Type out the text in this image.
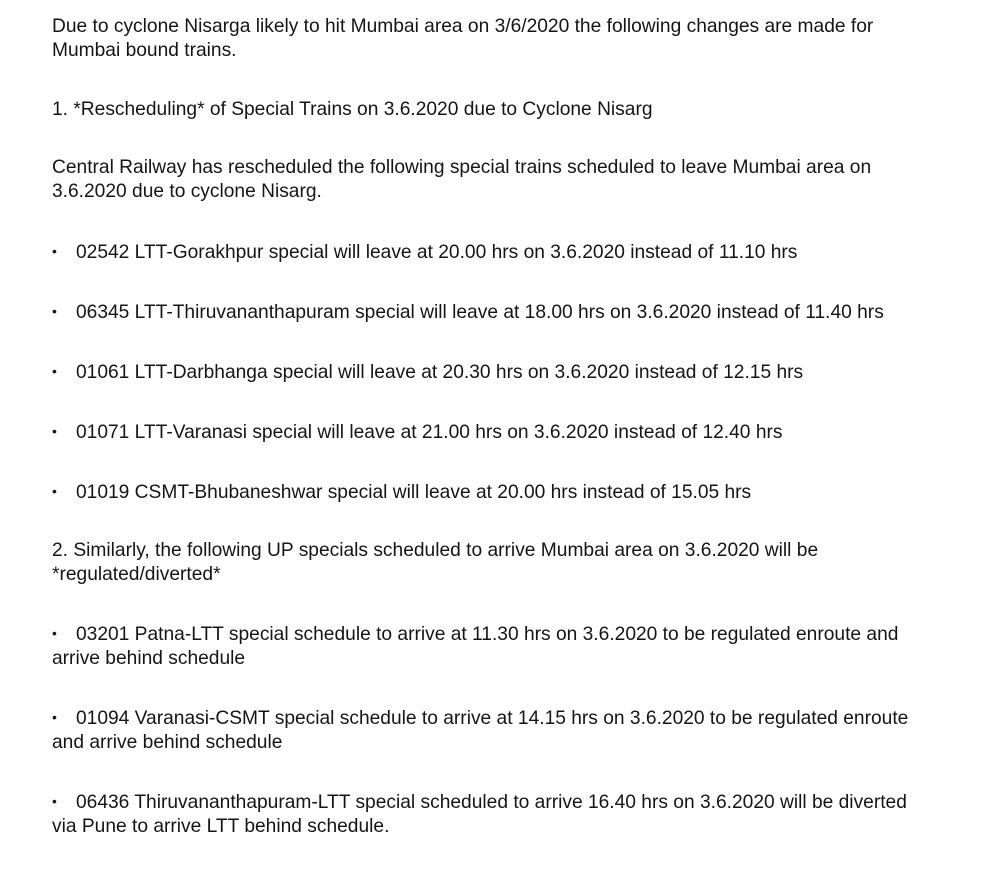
Due to cyclone Nisarga likely to hit Mumbai area on 3/6/2020 the following changes are made for Mumbai bound trains.

1. *Rescheduling* of Special Trains on 3.6.2020 due to Cyclone Nisarg

Central Railway has rescheduled the following special trains scheduled to leave Mumbai area on 3.6.2020 due to cyclone Nisarg.

• 02542 LTT-Gorakhpur special will leave at 20.00 hrs on 3.6.2020 instead of 11.10 hrs

• 06345 LTT-Thiruvananthapuram special will leave at 18.00 hrs on 3.6.2020 instead of 11.40 hrs

• 01061 LTT-Darbhanga special will leave at 20.30 hrs on 3.6.2020 instead of 12.15 hrs

• 01071 LTT-Varanasi special will leave at 21.00 hrs on 3.6.2020 instead of 12.40 hrs

• 01019 CSMT-Bhubaneshwar special will leave at 20.00 hrs instead of 15.05 hrs

2. Similarly, the following UP specials scheduled to arrive Mumbai area on 3.6.2020 will be *regulated/diverted*

• 03201 Patna-LTT special schedule to arrive at 11.30 hrs on 3.6.2020 to be regulated enroute and arrive behind schedule

• 01094 Varanasi-CSMT special schedule to arrive at 14.15 hrs on 3.6.2020 to be regulated enroute and arrive behind schedule

• 06436 Thiruvananthapuram-LTT special scheduled to arrive 16.40 hrs on 3.6.2020 will be diverted via Pune to arrive LTT behind schedule.
